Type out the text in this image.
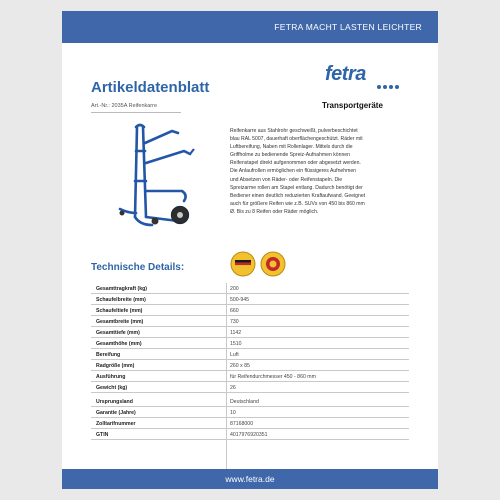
FETRA MACHT LASTEN LEICHTER
Artikeldatenblatt
Art.-Nr.: 2035A Reifenkarre
fetra
Transportgeräte
Reifenkarre aus Stahlrohr geschweißt, pulverbeschichtet
blau RAL 5007, dauerhaft oberflächengeschützt. Räder mit
Luftbereifung, Naben mit Rollenlager. Mittels durch die
Griffholme zu bedienende Spreiz-Aufnahmen können
Reifenstapel direkt aufgenommen oder abgesetzt werden.
Die Anlaufrollen ermöglichen ein flüssigeres Aufnehmen
und Absetzen von Räder- oder Reifenstapeln. Die
Spreizarme rollen am Stapel entlang. Dadurch benötigt der
Bediener einen deutlich reduzierten Kraftaufwand. Geeignet
auch für größere Reifen wie z.B. SUVs von 450 bis 860 mm
Ø. Bis zu 8 Reifen oder Räder möglich.
Technische Details:
Gesamttragkraft (kg)	200
Schaufelbreite (mm)	500-945
Schaufeltiefe (mm)	660
Gesamtbreite (mm)	730
Gesamttiefe (mm)	1142
Gesamthöhe (mm)	1510
Bereifung	Luft
Radgröße (mm)	260 x 85
Ausführung	für Reifendurchmesser 450 - 860 mm
Gewicht (kg)	26
Ursprungsland	Deutschland
Garantie (Jahre)	10
Zolltarifnummer	87168000
GTIN	4017976920351
www.fetra.de
